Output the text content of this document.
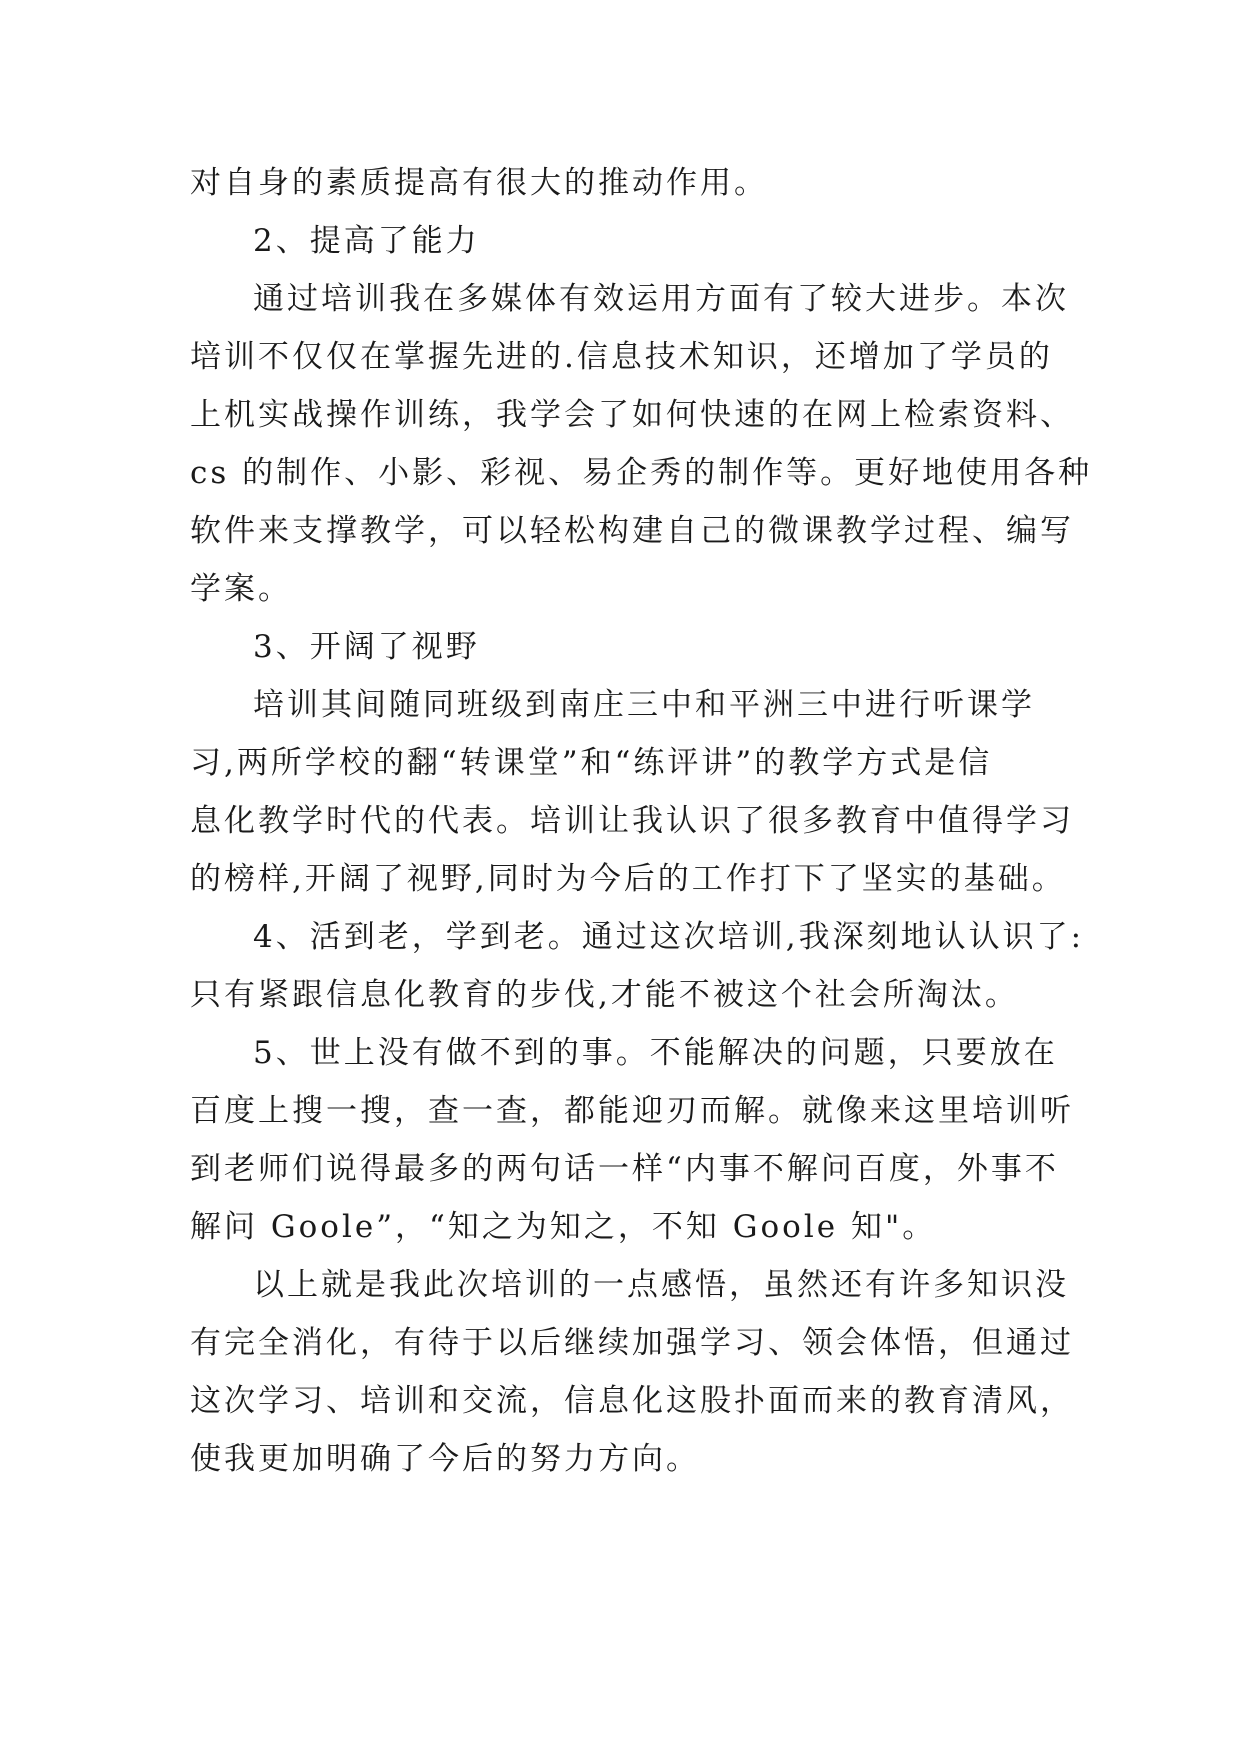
对自身的素质提高有很大的推动作用。
2、提高了能力
通过培训我在多媒体有效运用方面有了较大进步。本次
培训不仅仅在掌握先进的.信息技术知识，还增加了学员的
上机实战操作训练，我学会了如何快速的在网上检索资料、
cs 的制作、小影、彩视、易企秀的制作等。更好地使用各种
软件来支撑教学，可以轻松构建自己的微课教学过程、编写
学案。
3、开阔了视野
培训其间随同班级到南庄三中和平洲三中进行听课学
习,两所学校的翻“转课堂”和“练评讲”的教学方式是信
息化教学时代的代表。培训让我认识了很多教育中值得学习
的榜样,开阔了视野,同时为今后的工作打下了坚实的基础。
4、活到老，学到老。通过这次培训,我深刻地认认识了:
只有紧跟信息化教育的步伐,才能不被这个社会所淘汰。
5、世上没有做不到的事。不能解决的问题，只要放在
百度上搜一搜，查一查，都能迎刃而解。就像来这里培训听
到老师们说得最多的两句话一样“内事不解问百度，外事不
解问 Goole”，“知之为知之，不知 Goole 知"。
以上就是我此次培训的一点感悟，虽然还有许多知识没
有完全消化，有待于以后继续加强学习、领会体悟，但通过
这次学习、培训和交流，信息化这股扑面而来的教育清风，
使我更加明确了今后的努力方向。
